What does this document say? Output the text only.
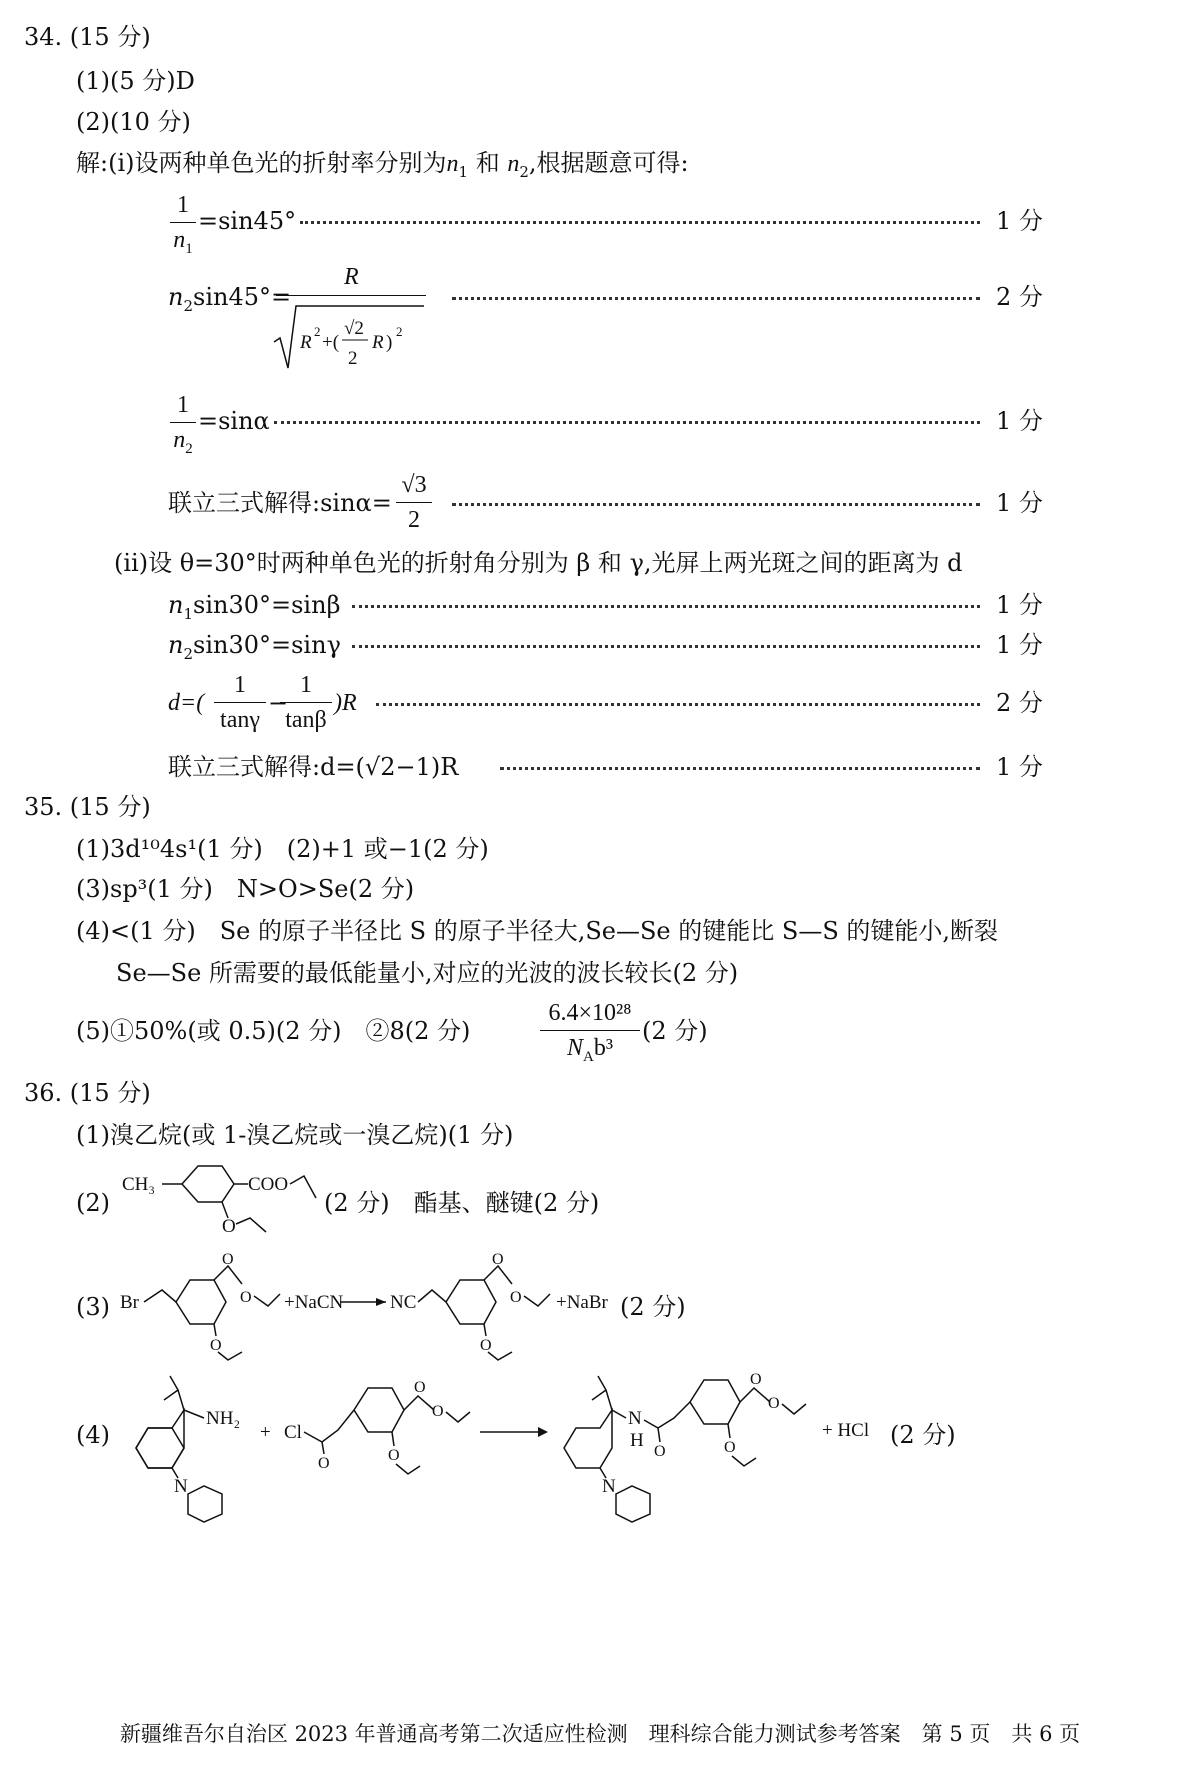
34. (15 分)
(1)(5 分)D
(2)(10 分)
解:(ⅰ)设两种单色光的折射率分别为$n_1$ 和 $n_2$,根据题意可得:
1
$n_1$
=sin45°	1 分
$n_2\sin 45^\circ=$
R
R
2
+(
√2
2
R )
2
2 分
1
$n_2$
=sinα	1 分
联立三式解得:sinα=
√3
2
1 分
(ⅱ)设 θ=30°时两种单色光的折射角分别为 β 和 γ,光屏上两光斑之间的距离为 d
$n_1\sin 30^\circ=\sin\beta$	1 分
$n_2\sin 30^\circ=\sin\gamma$	1 分
d=(
1
tanγ
−
1
tanβ
)R	2 分
联立三式解得:d=(√2−1)R	1 分
35. (15 分)
(1)3d¹⁰4s¹(1 分)　(2)+1 或−1(2 分)
(3)sp³(1 分)　N>O>Se(2 分)
(4)<(1 分)　Se 的原子半径比 S 的原子半径大,Se—Se 的键能比 S—S 的键能小,断裂
Se—Se 所需要的最低能量小,对应的光波的波长较长(2 分)
(5)①50%(或 0.5)(2 分)　②8(2 分)
6.4×10²⁸
$N_Ab^3$
(2 分)
36. (15 分)
(1)溴乙烷(或 1-溴乙烷或一溴乙烷)(1 分)
(2)
CH₃	COO
O
(2 分)　酯基、醚键(2 分)
(3) Br
O
O
O
+NaCN NC
O
O
O
+NaBr (2 分)
(4)
NH₂
N
+ Cl
O
O
O
O
N
H
N
O
O
O
O
+ HCl (2 分)
新疆维吾尔自治区 2023 年普通高考第二次适应性检测　理科综合能力测试参考答案　第 5 页　共 6 页
